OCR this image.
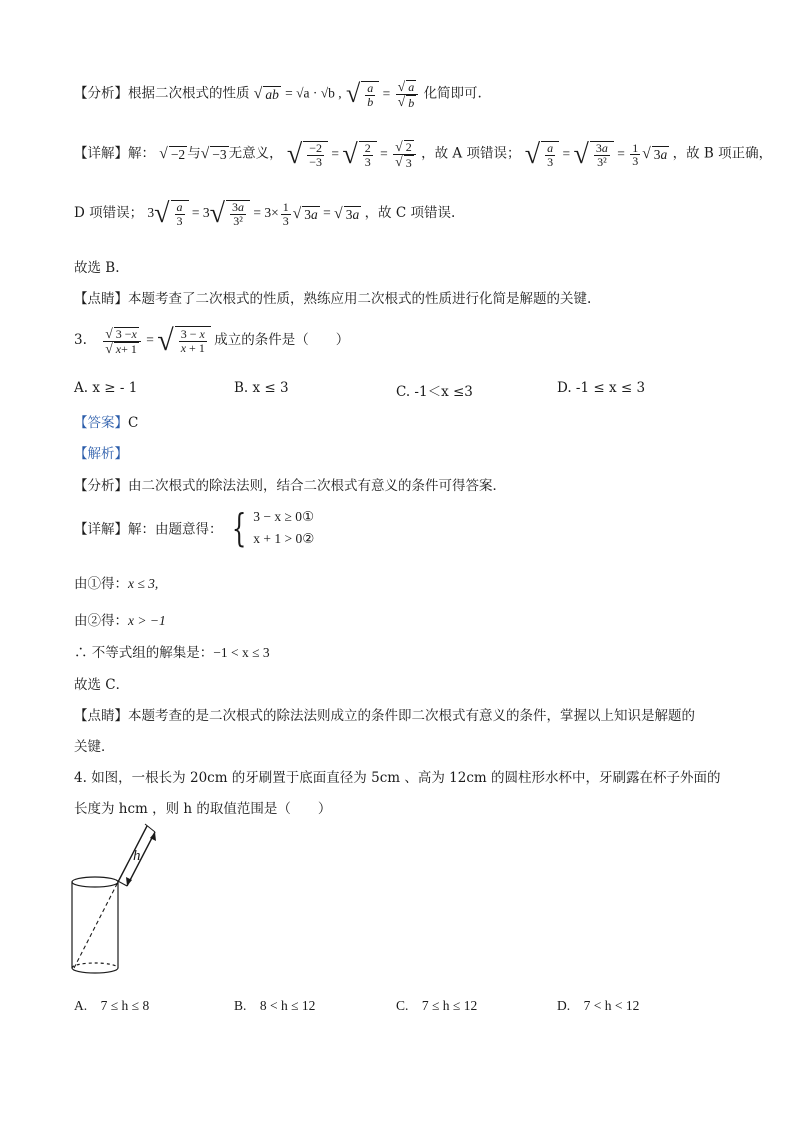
【分析】根据二次根式的性质 √ ab = √a · √b , √ $\frac{a}{b} = \frac{√ a}{√ b}$ 化简即可.
【详解】解： √ −2 与 √ −3 无意义， √ $\frac{-2}{-3}$ = √ $\frac{2}{3} = \frac{√ 2}{√ 3}$ ，故 A 项错误； √ $\frac{a}{3}$ = √ $\frac{3a}{\text{3²}} = \frac{1}{3}$ √ 3 a ，故 B 项正确，
D 项错误； 3 √ $\frac{a}{3} = 3$ √ $\frac{3a}{\text{3²}} = 3\times \frac{1}{3}$ √ 3 a = √ 3 a ，故 C 项错误.
故选 B.
【点睛】本题考查了二次根式的性质，熟练应用二次根式的性质进行化简是解题的关键.
3. $\frac{√ 3 - x}{√ x + 1}$ = √ $\frac{3 - x}{x + 1}$ 成立的条件是（　　）
A. x ≥ - 1	B. x ≤ 3	C. -1＜x ≤3	D. -1 ≤ x ≤ 3
【答案】C
【解析】
【分析】由二次根式的除法法则，结合二次根式有意义的条件可得答案．
【详解】解：由题意得： { 3 − x ≥ 0①
x + 1 > 0②
由①得：x ≤ 3,
由②得：x > −1
∴ 不等式组的解集是：−1 < x ≤ 3
故选 C．
【点睛】本题考查的是二次根式的除法法则成立的条件即二次根式有意义的条件，掌握以上知识是解题的
关键．
4. 如图，一根长为 20cm 的牙刷置于底面直径为 5cm 、高为 12cm 的圆柱形水杯中，牙刷露在杯子外面的
长度为 hcm ，则 h 的取值范围是（　　）
h
A.　7 ≤ h ≤ 8	B.　8 < h ≤ 12	C.　7 ≤ h ≤ 12	D.　7 < h < 12
